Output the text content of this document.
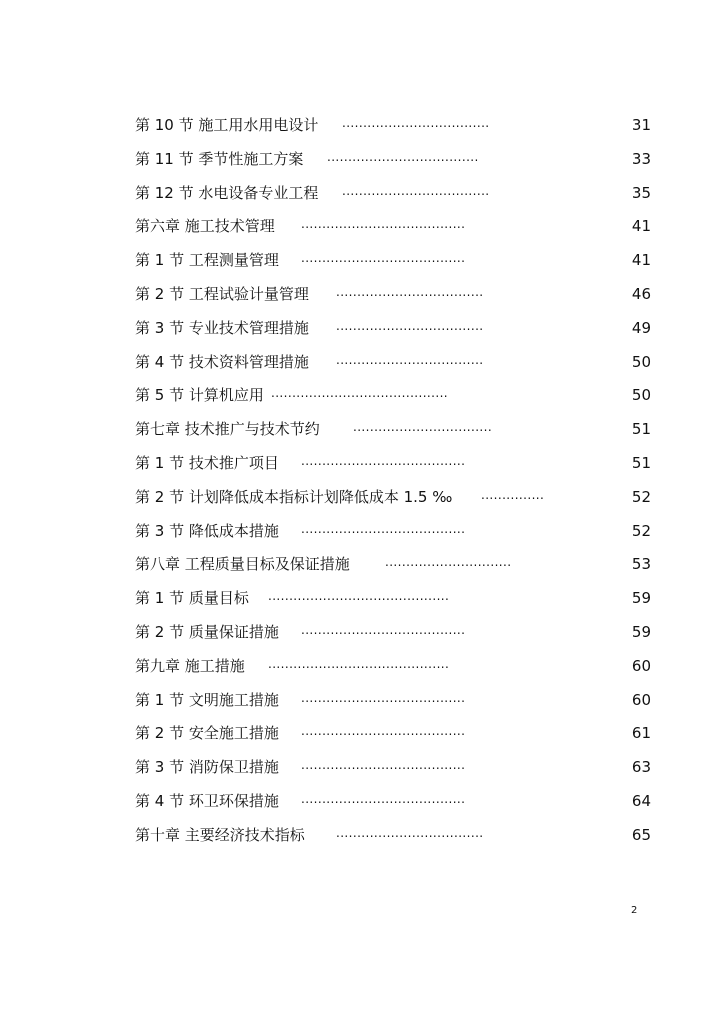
第 10 节 施工用水用电设计 ...................................	31
第 11 节 季节性施工方案 ....................................	33
第 12 节 水电设备专业工程 ...................................	35
第六章 施工技术管理 .......................................	41
第 1 节 工程测量管理 .......................................	41
第 2 节 工程试验计量管理 ...................................	46
第 3 节 专业技术管理措施 ...................................	49
第 4 节 技术资料管理措施 ...................................	50
第 5 节 计算机应用 ..........................................	50
第七章 技术推广与技术节约	.................................	51
第 1 节 技术推广项目 .......................................	51
第 2 节 计划降低成本指标计划降低成本 1.5 ‰ ...............	52
第 3 节 降低成本措施 .......................................	52
第八章 工程质量目标及保证措施	..............................	53
第 1 节 质量目标 ...........................................	59
第 2 节 质量保证措施 .......................................	59
第九章 施工措施 ...........................................	60
第 1 节 文明施工措施 .......................................	60
第 2 节 安全施工措施 .......................................	61
第 3 节 消防保卫措施 .......................................	63
第 4 节 环卫环保措施 .......................................	64
第十章 主要经济技术指标	...................................	65
2
